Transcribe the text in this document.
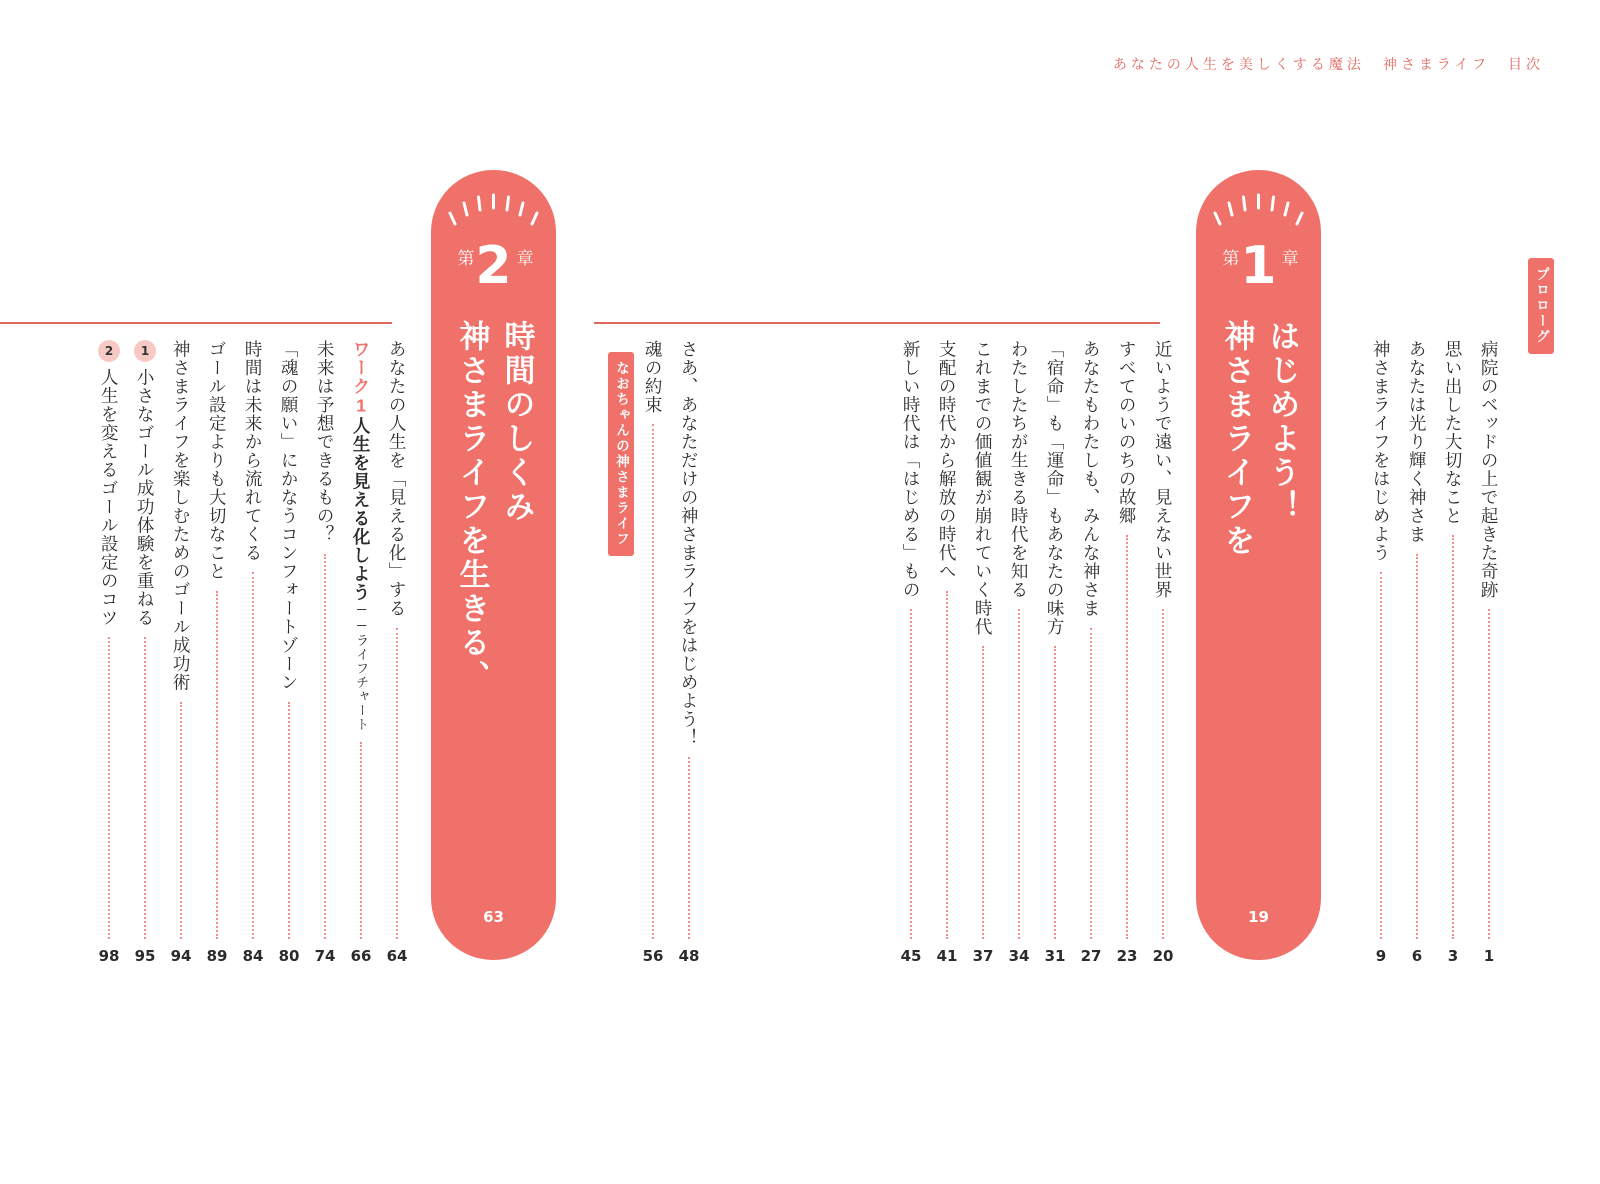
あなたの人生を美しくする魔法　神さまライフ　目次
第 1 章
神さまライフを はじめよう！
19
第 2 章
神さまライフを生きる、 時間のしくみ
63
プロローグ
病院のベッドの上で起きた奇跡
1
思い出した大切なこと
3
あなたは光り輝く神さま
6
神さまライフをはじめよう
9
近いようで遠い、見えない世界
20
すべてのいのちの故郷
23
あなたもわたしも、みんな神さま
27
「宿命」も「運命」もあなたの味方
31
わたしたちが生きる時代を知る
34
これまでの価値観が崩れていく時代
37
支配の時代から解放の時代へ
41
新しい時代は「はじめる」もの
45
なおちゃんの神さまライフ	さあ、あなただけの神さまライフをはじめよう！
48
魂の約束
56
あなたの人生を「見える化」する
64
ワーク1人生を見える化しよう──ライフチャート
66
未来は予想できるもの？
74
「魂の願い」にかなうコンフォートゾーン
80
時間は未来から流れてくる
84
ゴール設定よりも大切なこと
89
神さまライフを楽しむためのゴール成功術
94
1
小さなゴール成功体験を重ねる
95
2
人生を変えるゴール設定のコツ
98
